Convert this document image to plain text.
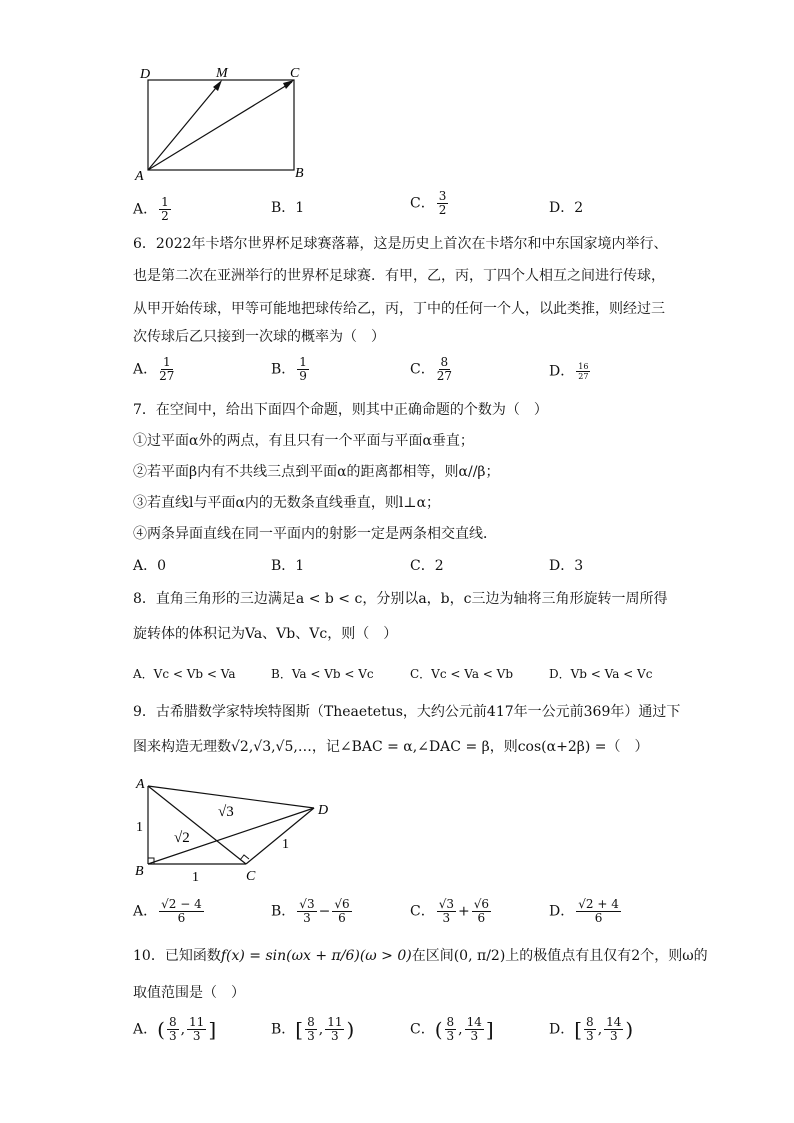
D	M	C
A	B
A． $\frac{1}{2}$	B．1	C． $\frac{3}{2}$	D．2
6．2022年卡塔尔世界杯足球赛落幕，这是历史上首次在卡塔尔和中东国家境内举行、
也是第二次在亚洲举行的世界杯足球赛．有甲，乙，丙，丁四个人相互之间进行传球，
从甲开始传球，甲等可能地把球传给乙，丙，丁中的任何一个人，以此类推，则经过三
次传球后乙只接到一次球的概率为（　）
A． $\frac{1}{27}$	B． $\frac{1}{9}$	C． $\frac{8}{27}$	D． $\frac{16}{27}$
7．在空间中，给出下面四个命题，则其中正确命题的个数为（　）
①过平面α外的两点，有且只有一个平面与平面α垂直；
②若平面β内有不共线三点到平面α的距离都相等，则α//β；
③若直线l与平面α内的无数条直线垂直，则l⊥α；
④两条异面直线在同一平面内的射影一定是两条相交直线．
A．0	B．1	C．2	D．3
8．直角三角形的三边满足a < b < c，分别以a，b，c三边为轴将三角形旋转一周所得
旋转体的体积记为Va、Vb、Vc，则（　）
A．Vc < Vb < Va	B．Va < Vb < Vc	C．Vc < Va < Vb	D．Vb < Va < Vc
9．古希腊数学家特埃特图斯（Theaetetus，大约公元前417年一公元前369年）通过下
图来构造无理数√2,√3,√5,…，记∠BAC = α,∠DAC = β，则cos(α+2β) =（　）
A
B	C
D
1
1
1
√2
√3
A． $\frac{√2 - 4}{6}$	B． $\frac{√3}{3} - \frac{√6}{6}$	C． $\frac{√3}{3} + \frac{√6}{6}$	D． $\frac{√2 + 4}{6}$
10．已知函数f(x) = sin(ωx + π/6)(ω > 0)在区间(0, π/2)上的极值点有且仅有2个，则ω的
取值范围是（　）
A．( $\frac{8}{3}$ , $\frac{11}{3}$ ]	B．[ $\frac{8}{3}$ , $\frac{11}{3}$ )	C．( $\frac{8}{3}$ , $\frac{14}{3}$ ]	D．[ $\frac{8}{3}$ , $\frac{14}{3}$ )
